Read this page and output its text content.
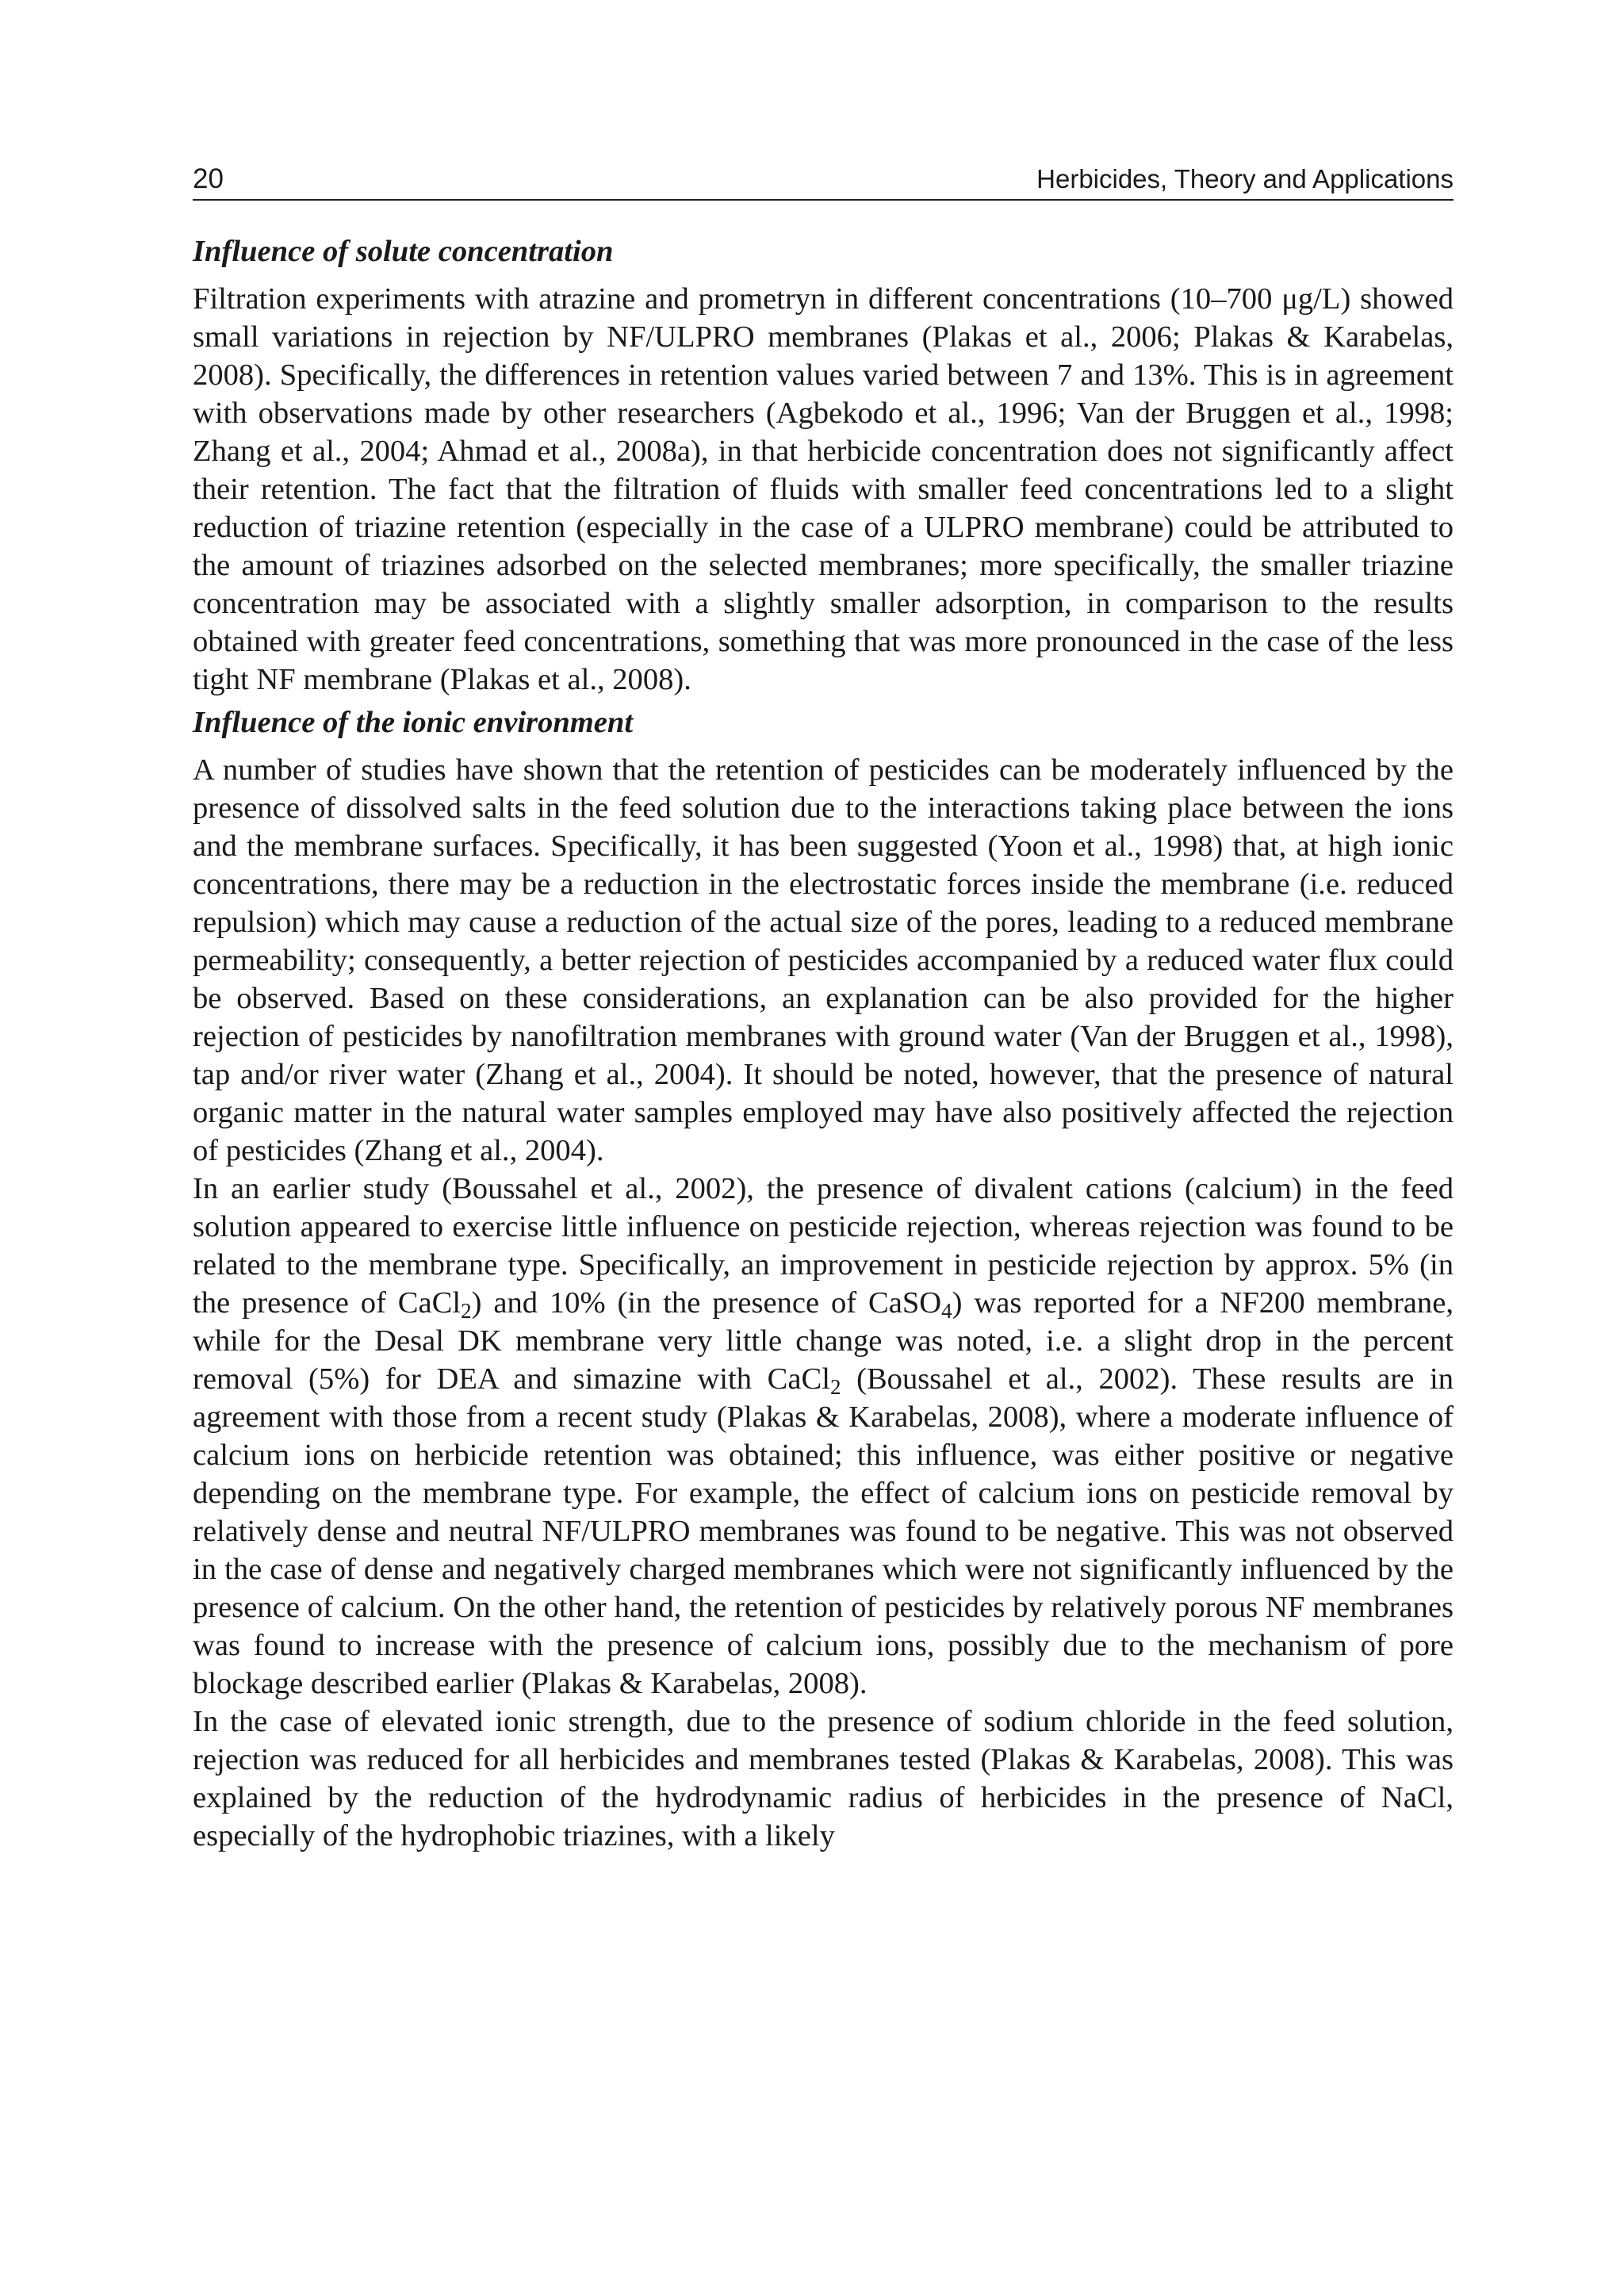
20	Herbicides, Theory and Applications
Influence of solute concentration

Filtration experiments with atrazine and prometryn in different concentrations (10–700 μg/L) showed small variations in rejection by NF/ULPRO membranes (Plakas et al., 2006; Plakas & Karabelas, 2008). Specifically, the differences in retention values varied between 7 and 13%. This is in agreement with observations made by other researchers (Agbekodo et al., 1996; Van der Bruggen et al., 1998; Zhang et al., 2004; Ahmad et al., 2008a), in that herbicide concentration does not significantly affect their retention. The fact that the filtration of fluids with smaller feed concentrations led to a slight reduction of triazine retention (especially in the case of a ULPRO membrane) could be attributed to the amount of triazines adsorbed on the selected membranes; more specifically, the smaller triazine concentration may be associated with a slightly smaller adsorption, in comparison to the results obtained with greater feed concentrations, something that was more pronounced in the case of the less tight NF membrane (Plakas et al., 2008).

Influence of the ionic environment

A number of studies have shown that the retention of pesticides can be moderately influenced by the presence of dissolved salts in the feed solution due to the interactions taking place between the ions and the membrane surfaces. Specifically, it has been suggested (Yoon et al., 1998) that, at high ionic concentrations, there may be a reduction in the electrostatic forces inside the membrane (i.e. reduced repulsion) which may cause a reduction of the actual size of the pores, leading to a reduced membrane permeability; consequently, a better rejection of pesticides accompanied by a reduced water flux could be observed. Based on these considerations, an explanation can be also provided for the higher rejection of pesticides by nanofiltration membranes with ground water (Van der Bruggen et al., 1998), tap and/or river water (Zhang et al., 2004). It should be noted, however, that the presence of natural organic matter in the natural water samples employed may have also positively affected the rejection of pesticides (Zhang et al., 2004).

In an earlier study (Boussahel et al., 2002), the presence of divalent cations (calcium) in the feed solution appeared to exercise little influence on pesticide rejection, whereas rejection was found to be related to the membrane type. Specifically, an improvement in pesticide rejection by approx. 5% (in the presence of CaCl$_2$) and 10% (in the presence of CaSO$_4$) was reported for a NF200 membrane, while for the Desal DK membrane very little change was noted, i.e. a slight drop in the percent removal (5%) for DEA and simazine with CaCl$_2$ (Boussahel et al., 2002). These results are in agreement with those from a recent study (Plakas & Karabelas, 2008), where a moderate influence of calcium ions on herbicide retention was obtained; this influence, was either positive or negative depending on the membrane type. For example, the effect of calcium ions on pesticide removal by relatively dense and neutral NF/ULPRO membranes was found to be negative. This was not observed in the case of dense and negatively charged membranes which were not significantly influenced by the presence of calcium. On the other hand, the retention of pesticides by relatively porous NF membranes was found to increase with the presence of calcium ions, possibly due to the mechanism of pore blockage described earlier (Plakas & Karabelas, 2008).

In the case of elevated ionic strength, due to the presence of sodium chloride in the feed solution, rejection was reduced for all herbicides and membranes tested (Plakas & Karabelas, 2008). This was explained by the reduction of the hydrodynamic radius of herbicides in the presence of NaCl, especially of the hydrophobic triazines, with a likely
